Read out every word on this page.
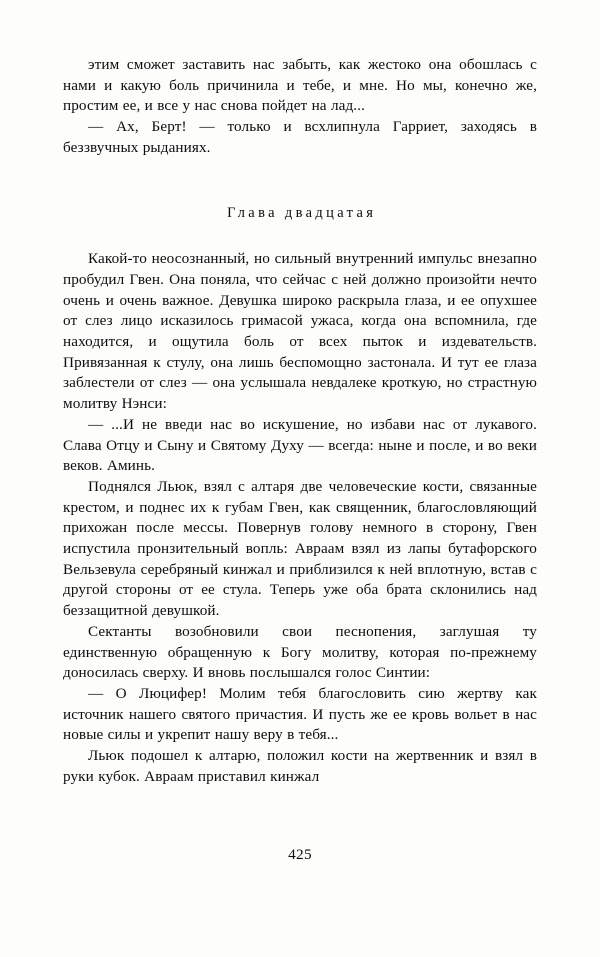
этим сможет заставить нас забыть, как жестоко она обошлась с нами и какую боль причинила и тебе, и мне. Но мы, конечно же, простим ее, и все у нас снова пойдет на лад...

— Ах, Берт! — только и всхлипнула Гарриет, заходясь в беззвучных рыданиях.

Глава двадцатая

Какой-то неосознанный, но сильный внутренний импульс внезапно пробудил Гвен. Она поняла, что сейчас с ней должно произойти нечто очень и очень важное. Девушка широко раскрыла глаза, и ее опухшее от слез лицо исказилось гримасой ужаса, когда она вспомнила, где находится, и ощутила боль от всех пыток и издевательств. Привязанная к стулу, она лишь беспомощно застонала. И тут ее глаза заблестели от слез — она услышала невдалеке кроткую, но страстную молитву Нэнси:

— ...И не введи нас во искушение, но избави нас от лукавого. Слава Отцу и Сыну и Святому Духу — всегда: ныне и после, и во веки веков. Аминь.

Поднялся Льюк, взял с алтаря две человеческие кости, связанные крестом, и поднес их к губам Гвен, как священник, благословляющий прихожан после мессы. Повернув голову немного в сторону, Гвен испустила пронзительный вопль: Авраам взял из лапы бутафорского Вельзевула серебряный кинжал и приблизился к ней вплотную, встав с другой стороны от ее стула. Теперь уже оба брата склонились над беззащитной девушкой.

Сектанты возобновили свои песнопения, заглушая ту единственную обращенную к Богу молитву, которая по-прежнему доносилась сверху. И вновь послышался голос Синтии:

— О Люцифер! Молим тебя благословить сию жертву как источник нашего святого причастия. И пусть же ее кровь вольет в нас новые силы и укрепит нашу веру в тебя...

Льюк подошел к алтарю, положил кости на жертвенник и взял в руки кубок. Авраам приставил кинжал

425
